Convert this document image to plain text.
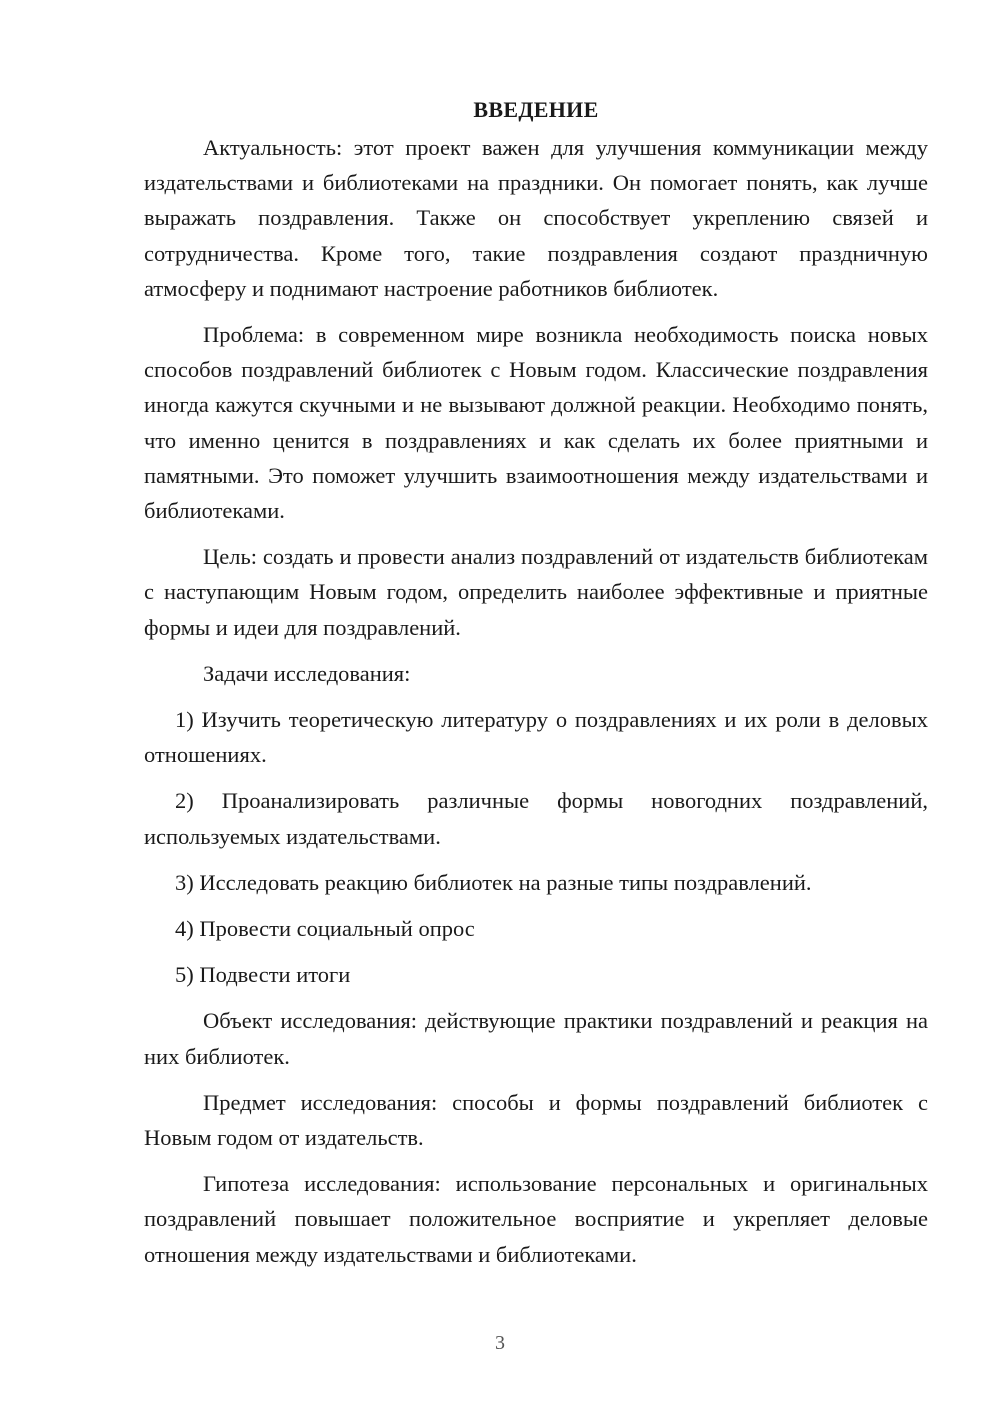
ВВЕДЕНИЕ

Актуальность: этот проект важен для улучшения коммуникации между издательствами и библиотеками на праздники. Он помогает понять, как лучше выражать поздравления. Также он способствует укреплению связей и сотрудничества. Кроме того, такие поздравления создают праздничную атмосферу и поднимают настроение работников библиотек.

Проблема: в современном мире возникла необходимость поиска новых способов поздравлений библиотек с Новым годом. Классические поздравления иногда кажутся скучными и не вызывают должной реакции. Необходимо понять, что именно ценится в поздравлениях и как сделать их более приятными и памятными. Это поможет улучшить взаимоотношения между издательствами и библиотеками.

Цель: создать и провести анализ поздравлений от издательств библиотекам с наступающим Новым годом, определить наиболее эффективные и приятные формы и идеи для поздравлений.

Задачи исследования:

1) Изучить теоретическую литературу о поздравлениях и их роли в деловых отношениях.

2) Проанализировать различные формы новогодних поздравлений, используемых издательствами.

3) Исследовать реакцию библиотек на разные типы поздравлений.

4) Провести социальный опрос

5) Подвести итоги

Объект исследования: действующие практики поздравлений и реакция на них библиотек.

Предмет исследования: способы и формы поздравлений библиотек с Новым годом от издательств.

Гипотеза исследования: использование персональных и оригинальных поздравлений повышает положительное восприятие и укрепляет деловые отношения между издательствами и библиотеками.

3
